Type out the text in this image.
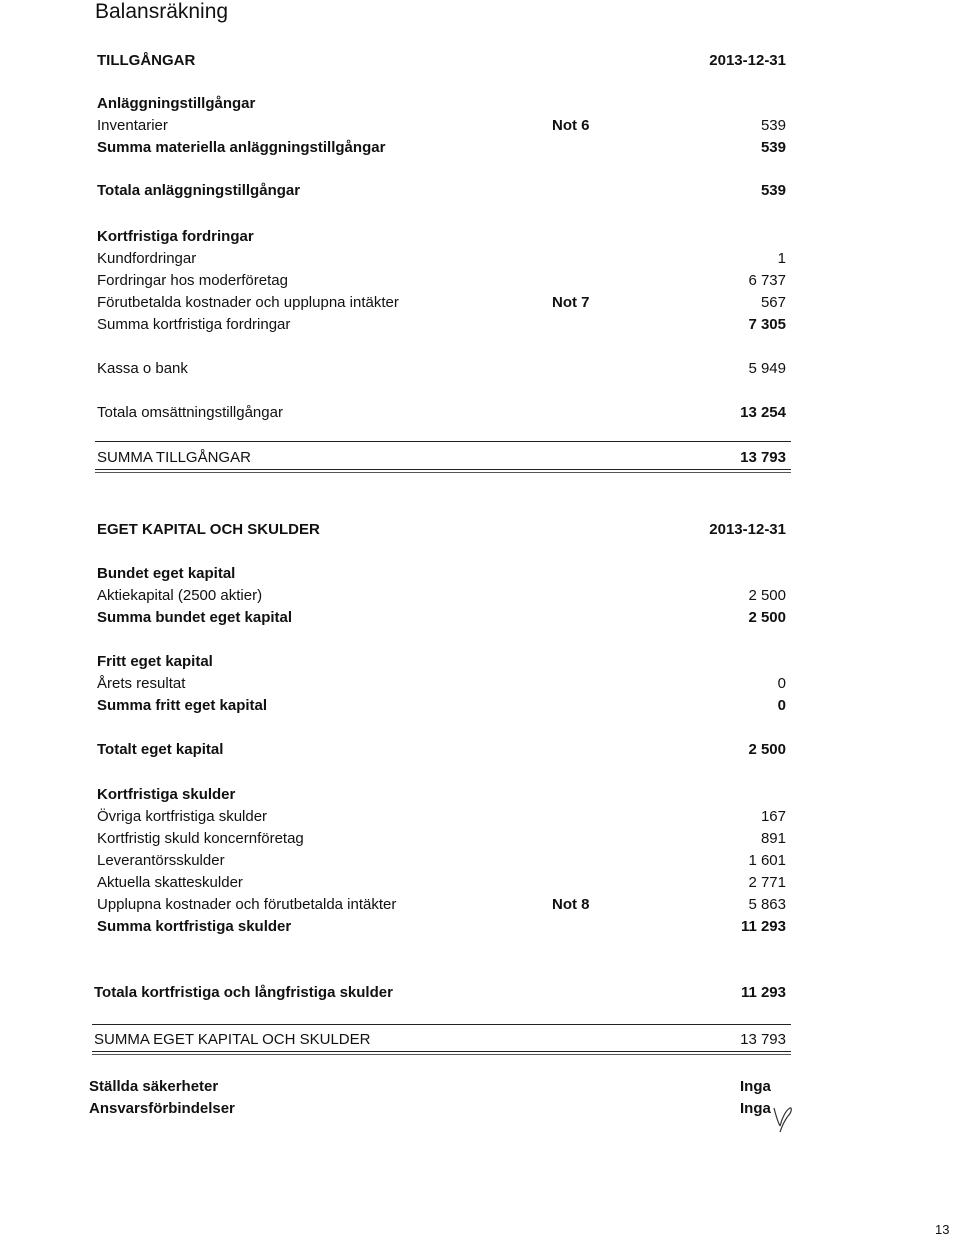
Balansräkning
TILLGÅNGAR	2013-12-31
Anläggningstillgångar
Inventarier	Not 6	539
Summa materiella anläggningstillgångar	539
Totala anläggningstillgångar	539
Kortfristiga fordringar
Kundfordringar	1
Fordringar hos moderföretag	6 737
Förutbetalda kostnader och upplupna intäkter	Not 7	567
Summa kortfristiga fordringar	7 305
Kassa o bank	5 949
Totala omsättningstillgångar	13 254
SUMMA TILLGÅNGAR	13 793
EGET KAPITAL OCH SKULDER	2013-12-31
Bundet eget kapital
Aktiekapital (2500 aktier)	2 500
Summa bundet eget kapital	2 500
Fritt eget kapital
Årets resultat	0
Summa fritt eget kapital	0
Totalt eget kapital	2 500
Kortfristiga skulder
Övriga kortfristiga skulder	167
Kortfristig skuld koncernföretag	891
Leverantörsskulder	1 601
Aktuella skatteskulder	2 771
Upplupna kostnader och förutbetalda intäkter	Not 8	5 863
Summa kortfristiga skulder	11 293
Totala kortfristiga och långfristiga skulder	11 293
SUMMA EGET KAPITAL OCH SKULDER	13 793
Ställda säkerheter	Inga
Ansvarsförbindelser	Inga
13
